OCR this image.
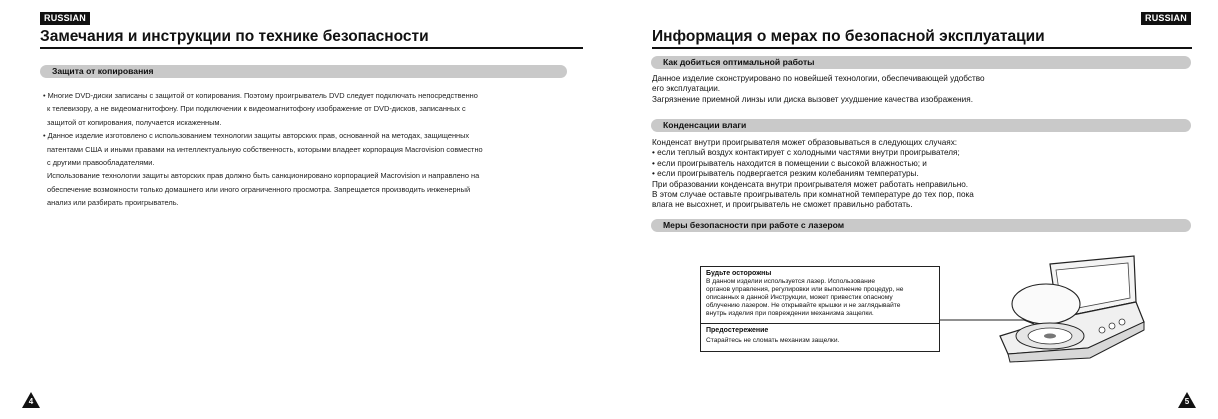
RUSSIAN
Замечания и инструкции по технике безопасности
Защита от копирования
• Многие DVD-диски записаны с защитой от копирования. Поэтому проигрыватель DVD следует подключать непосредственно
к телевизору, а не видеомагнитофону. При подключении к видеомагнитофону изображение от DVD-дисков, записанных с
защитой от копирования, получается искаженным.
• Данное изделие изготовлено с использованием технологии защиты авторских прав, основанной на методах, защищенных
патентами США и иными правами на интеллектуальную собственность, которыми владеет корпорация Macrovision совместно
с другими правообладателями.
Использование технологии защиты авторских прав должно быть санкционировано корпорацией Macrovision и направлено на
обеспечение возможности только домашнего или иного ограниченного просмотра. Запрещается производить инженерный
анализ или разбирать проигрыватель.
4
RUSSIAN
Информация о мерах по безопасной эксплуатации
Как добиться оптимальной работы
Данное изделие сконструировано по новейшей технологии, обеспечивающей удобство
его эксплуатации.
Загрязнение приемной линзы или диска вызовет ухудшение качества изображения.
Конденсации влаги
Конденсат внутри проигрывателя может образовываться в следующих случаях:
• если теплый воздух контактирует с холодными частями внутри проигрывателя;
• если проигрыватель находится в помещении с высокой влажностью; и
• если проигрыватель подвергается резким колебаниям температуры.
При образовании конденсата внутри проигрывателя может работать неправильно.
В этом случае оставьте проигрыватель при комнатной температуре до тех пор, пока
влага не высохнет, и проигрыватель не сможет правильно работать.
Меры безопасности при работе с лазером
Будьте осторожны
В данном изделии используется лазер. Использование
органов управления, регулировки или выполнение процедур, не
описанных в данной Инструкции, может привестик опасному
облучению лазером. Не открывайте крышки и не заглядывайте
внутрь изделия при повреждении механизма защелки.
Предостережение
Старайтесь не сломать механизм защелки.
5
